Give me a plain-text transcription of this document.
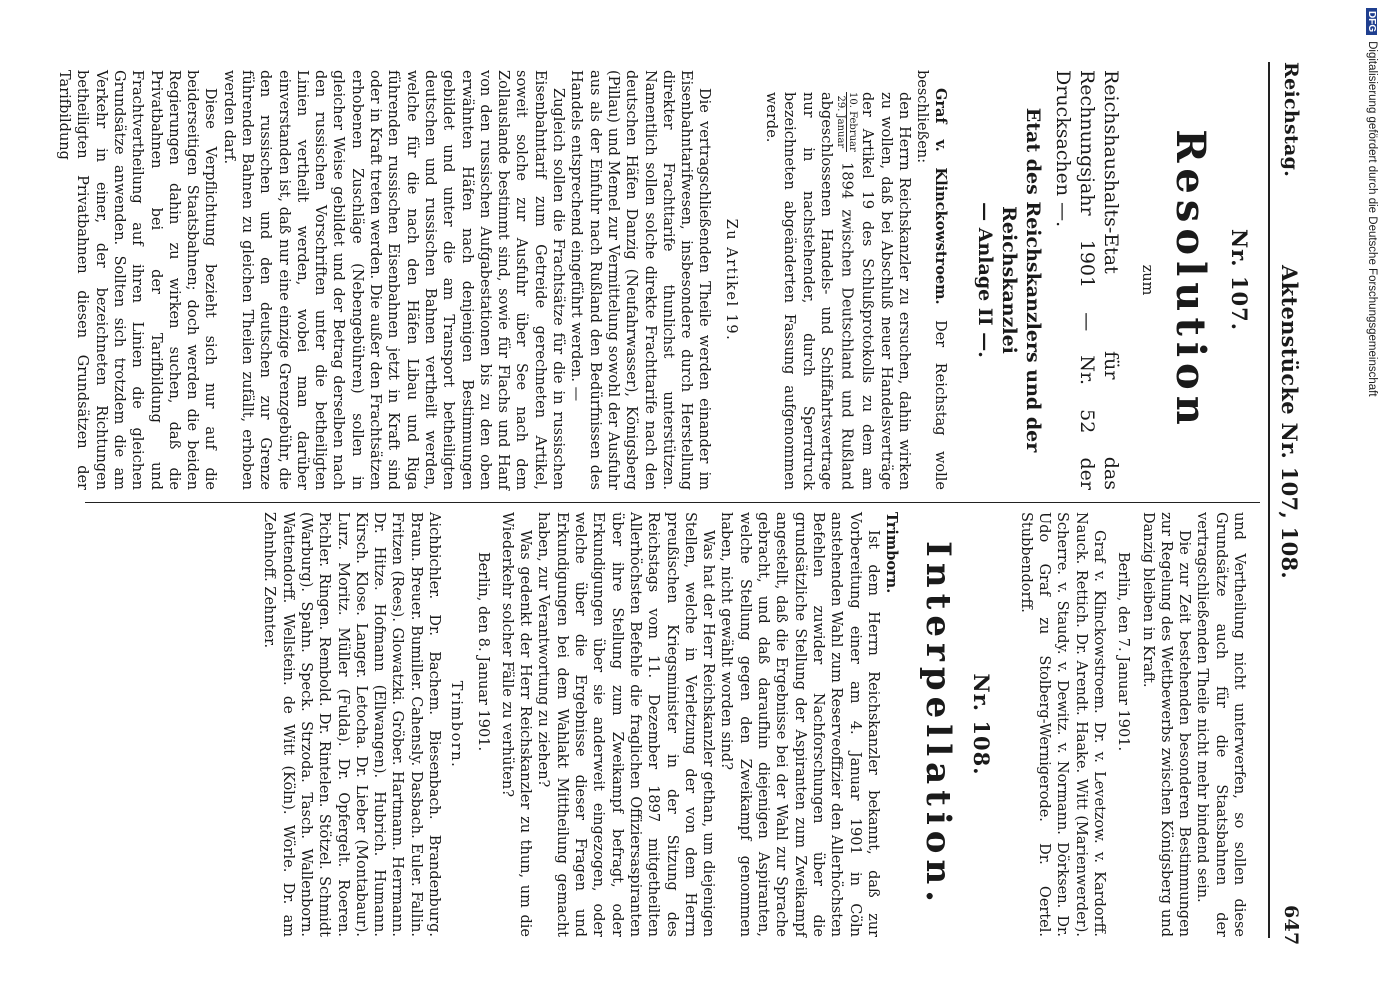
Reichstag.
Aktenstücke Nr. 107, 108.
647

Nr. 107.

Resolution

zum

Reichshaushalts-Etat für das Rechnungsjahr 1901 — Nr. 52 der Drucksachen —.

Etat des Reichskanzlers und der Reichskanzlei

— Anlage II —.

Graf v. Klinckowstroem. Der Reichstag wolle beschließen:

den Herrn Reichskanzler zu ersuchen, dahin wirken zu wollen, daß bei Abschluß neuer Handelsverträge der Artikel 19 des Schlußprotokolls zu dem am
10. Februar
29. Januar
1894 zwischen Deutschland und Rußland abgeschlossenen Handels- und Schiffahrtsvertrage nur in nachstehender, durch Sperrdruck bezeichneten abgeänderten Fassung aufgenommen werde.

Zu Artikel 19.

Die vertragschließenden Theile werden einander im Eisenbahntarifwesen, insbesondere durch Herstellung direkter Frachttarife thunlichst unterstützen. Namentlich sollen solche direkte Frachttarife nach den deutschen Häfen Danzig (Neufahrwasser), Königsberg (Pillau) und Memel zur Vermittelung sowohl der Ausfuhr aus als der Einfuhr nach Rußland den Bedürfnissen des Handels entsprechend eingeführt werden. —

Zugleich sollen die Frachtsätze für die in russischen Eisenbahntarif zum Getreide gerechneten Artikel, soweit solche zur Ausfuhr über See nach dem Zollauslande bestimmt sind, sowie für Flachs und Hanf von den russischen Aufgabestationen bis zu den oben erwähnten Häfen nach denjenigen Bestimmungen gebildet und unter die am Transport betheiligten deutschen und russischen Bahnen vertheilt werden, welche für die nach den Häfen Libau und Riga führenden russischen Eisenbahnen jetzt in Kraft sind oder in Kraft treten werden. Die außer den Frachtsätzen erhobenen Zuschläge (Nebengebühren) sollen in gleicher Weise gebildet und der Betrag derselben nach den russischen Vorschriften unter die betheiligten Linien vertheilt werden, wobei man darüber einverstanden ist, daß nur eine einzige Grenzgebühr, die den russischen und den deutschen zur Grenze führenden Bahnen zu gleichen Theilen zufällt, erhoben werden darf.

Diese Verpflichtung bezieht sich nur auf die beiderseitigen Staatsbahnen; doch werden die beiden Regierungen dahin zu wirken suchen, daß die Privatbahnen bei der Tarifbildung und Frachtvertheilung auf ihren Linien die gleichen Grundsätze anwenden. Sollten sich trotzdem die am Verkehr in einer, der bezeichneten Richtungen betheiligten Privatbahnen diesen Grundsätzen der Tarifbildung

und Vertheilung nicht unterwerfen, so sollen diese Grundsätze auch für die Staatsbahnen der vertragschließenden Theile nicht mehr bindend sein.

Die zur Zeit bestehenden besonderen Bestimmungen zur Regelung des Wettbewerbs zwischen Königsberg und Danzig bleiben in Kraft.

Berlin, den 7. Januar 1901.

Graf v. Klinckowstroem. Dr. v. Levetzow. v. Kardorff. Nauck. Rettich. Dr. Arendt. Haake. Witt (Marienwerder). Scherre. v. Staudy. v. Dewitz. v. Normann. Dörksen. Dr. Udo Graf zu Stolberg-Wernigerode. Dr. Oertel. Stubbendorff.

Nr. 108.

Interpellation.

Trimborn.

Ist dem Herrn Reichskanzler bekannt, daß zur Vorbereitung einer am 4. Januar 1901 in Cöln anstehenden Wahl zum Reserveoffizier den Allerhöchsten Befehlen zuwider Nachforschungen über die grundsätzliche Stellung der Aspiranten zum Zweikampf angestellt, daß die Ergebnisse bei der Wahl zur Sprache gebracht, und daß daraufhin diejenigen Aspiranten, welche Stellung gegen den Zweikampf genommen haben, nicht gewählt worden sind?

Was hat der Herr Reichskanzler gethan, um diejenigen Stellen, welche in Verletzung der von dem Herrn preußischen Kriegsminister in der Sitzung des Reichstags vom 11. Dezember 1897 mitgetheilten Allerhöchsten Befehle die fraglichen Offiziersaspiranten über ihre Stellung zum Zweikampf befragt, oder Erkundigungen über sie anderweit eingezogen, oder welche über die Ergebnisse dieser Fragen und Erkundigungen bei dem Wahlakt Mittheilung gemacht haben, zur Verantwortung zu ziehen?

Was gedenkt der Herr Reichskanzler zu thun, um die Wiederkehr solcher Fälle zu verhüten?

Berlin, den 8. Januar 1901.

Trimborn.

Aichbichler. Dr. Bachem. Biesenbach. Brandenburg. Braun. Breuer. Bumiller. Cahensly. Dasbach. Euler. Fallin. Fritzen (Rees). Glowatzki. Gröber. Hartmann. Herrmann. Dr. Hitze. Hofmann (Ellwangen). Hubrich. Humann. Kirsch. Klose. Langer. Letocha. Dr. Lieber (Montabaur). Lurz. Moritz. Müller (Fulda). Dr. Opfergelt. Roeren. Pichler. Ringen. Rembold. Dr. Rintelen. Stötzel. Schmidt (Warburg). Spahn. Speck. Strzoda. Tasch. Wallenborn. Wattendorff. Wellstein. de Witt (Köln). Wörle. Dr. am Zehnhoff. Zehnter.

DFGDigitalisierung gefördert durch die Deutsche Forschungsgemeinschaft
